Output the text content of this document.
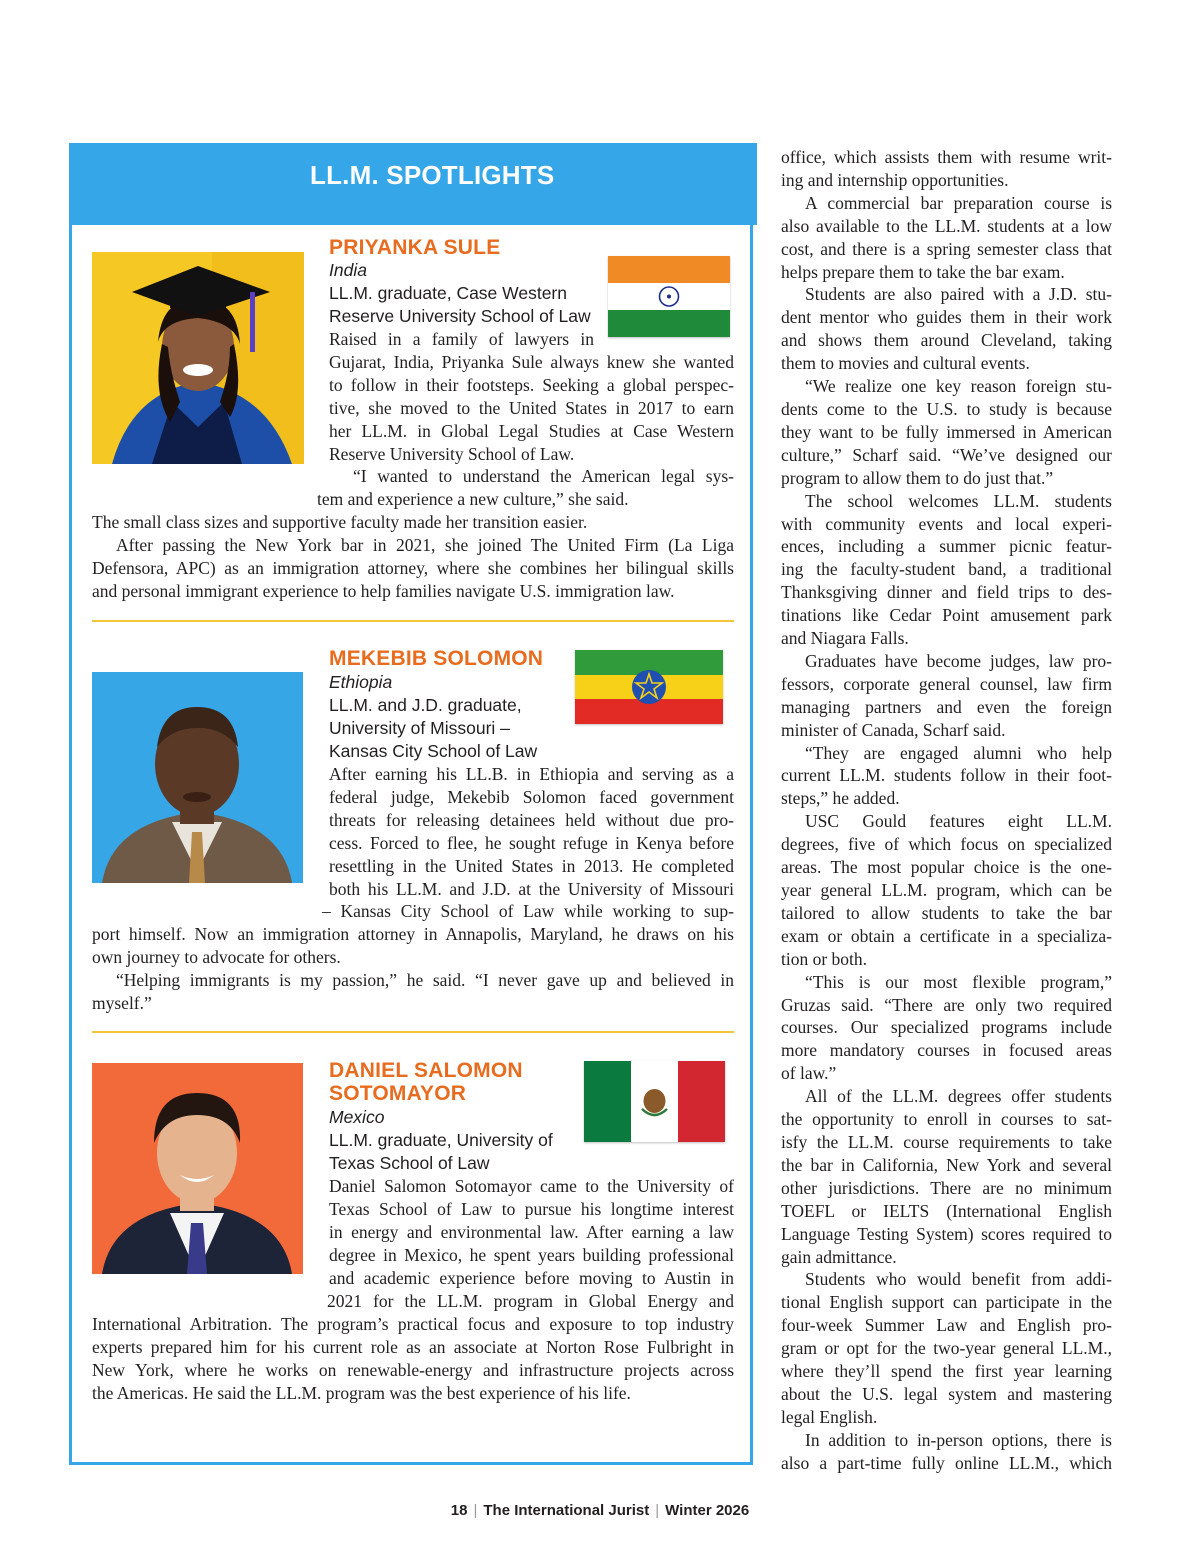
LL.M. SPOTLIGHTS
PRIYANKA SULE
India
LL.M. graduate, Case Western
Reserve University School of Law
Raised in a family of lawyers in
Gujarat, India, Priyanka Sule always knew she wanted
to follow in their footsteps. Seeking a global perspec-
tive, she moved to the United States in 2017 to earn
her LL.M. in Global Legal Studies at Case Western
Reserve University School of Law.
“I wanted to understand the American legal sys-
tem and experience a new culture,” she said.
The small class sizes and supportive faculty made her transition easier.
After passing the New York bar in 2021, she joined The United Firm (La Liga
Defensora, APC) as an immigration attorney, where she combines her bilingual skills
and personal immigrant experience to help families navigate U.S. immigration law.
MEKEBIB SOLOMON
Ethiopia
LL.M. and J.D. graduate,
University of Missouri –
Kansas City School of Law
After earning his LL.B. in Ethiopia and serving as a
federal judge, Mekebib Solomon faced government
threats for releasing detainees held without due pro-
cess. Forced to flee, he sought refuge in Kenya before
resettling in the United States in 2013. He completed
both his LL.M. and J.D. at the University of Missouri
– Kansas City School of Law while working to sup-
port himself. Now an immigration attorney in Annapolis, Maryland, he draws on his
own journey to advocate for others.
“Helping immigrants is my passion,” he said. “I never gave up and believed in
myself.”
DANIEL SALOMON
SOTOMAYOR
Mexico
LL.M. graduate, University of
Texas School of Law
Daniel Salomon Sotomayor came to the University of
Texas School of Law to pursue his longtime interest
in energy and environmental law. After earning a law
degree in Mexico, he spent years building professional
and academic experience before moving to Austin in
2021 for the LL.M. program in Global Energy and
International Arbitration. The program’s practical focus and exposure to top industry
experts prepared him for his current role as an associate at Norton Rose Fulbright in
New York, where he works on renewable-energy and infrastructure projects across
the Americas. He said the LL.M. program was the best experience of his life.
office, which assists them with resume writ-
ing and internship opportunities.
A commercial bar preparation course is
also available to the LL.M. students at a low
cost, and there is a spring semester class that
helps prepare them to take the bar exam.
Students are also paired with a J.D. stu-
dent mentor who guides them in their work
and shows them around Cleveland, taking
them to movies and cultural events.
“We realize one key reason foreign stu-
dents come to the U.S. to study is because
they want to be fully immersed in American
culture,” Scharf said. “We’ve designed our
program to allow them to do just that.”
The school welcomes LL.M. students
with community events and local experi-
ences, including a summer picnic featur-
ing the faculty-student band, a traditional
Thanksgiving dinner and field trips to des-
tinations like Cedar Point amusement park
and Niagara Falls.
Graduates have become judges, law pro-
fessors, corporate general counsel, law firm
managing partners and even the foreign
minister of Canada, Scharf said.
“They are engaged alumni who help
current LL.M. students follow in their foot-
steps,” he added.
USC Gould features eight LL.M.
degrees, five of which focus on specialized
areas. The most popular choice is the one-
year general LL.M. program, which can be
tailored to allow students to take the bar
exam or obtain a certificate in a specializa-
tion or both.
“This is our most flexible program,”
Gruzas said. “There are only two required
courses. Our specialized programs include
more mandatory courses in focused areas
of law.”
All of the LL.M. degrees offer students
the opportunity to enroll in courses to sat-
isfy the LL.M. course requirements to take
the bar in California, New York and several
other jurisdictions. There are no minimum
TOEFL or IELTS (International English
Language Testing System) scores required to
gain admittance.
Students who would benefit from addi-
tional English support can participate in the
four-week Summer Law and English pro-
gram or opt for the two-year general LL.M.,
where they’ll spend the first year learning
about the U.S. legal system and mastering
legal English.
In addition to in-person options, there is
also a part-time fully online LL.M., which
18 | The International Jurist | Winter 2026
